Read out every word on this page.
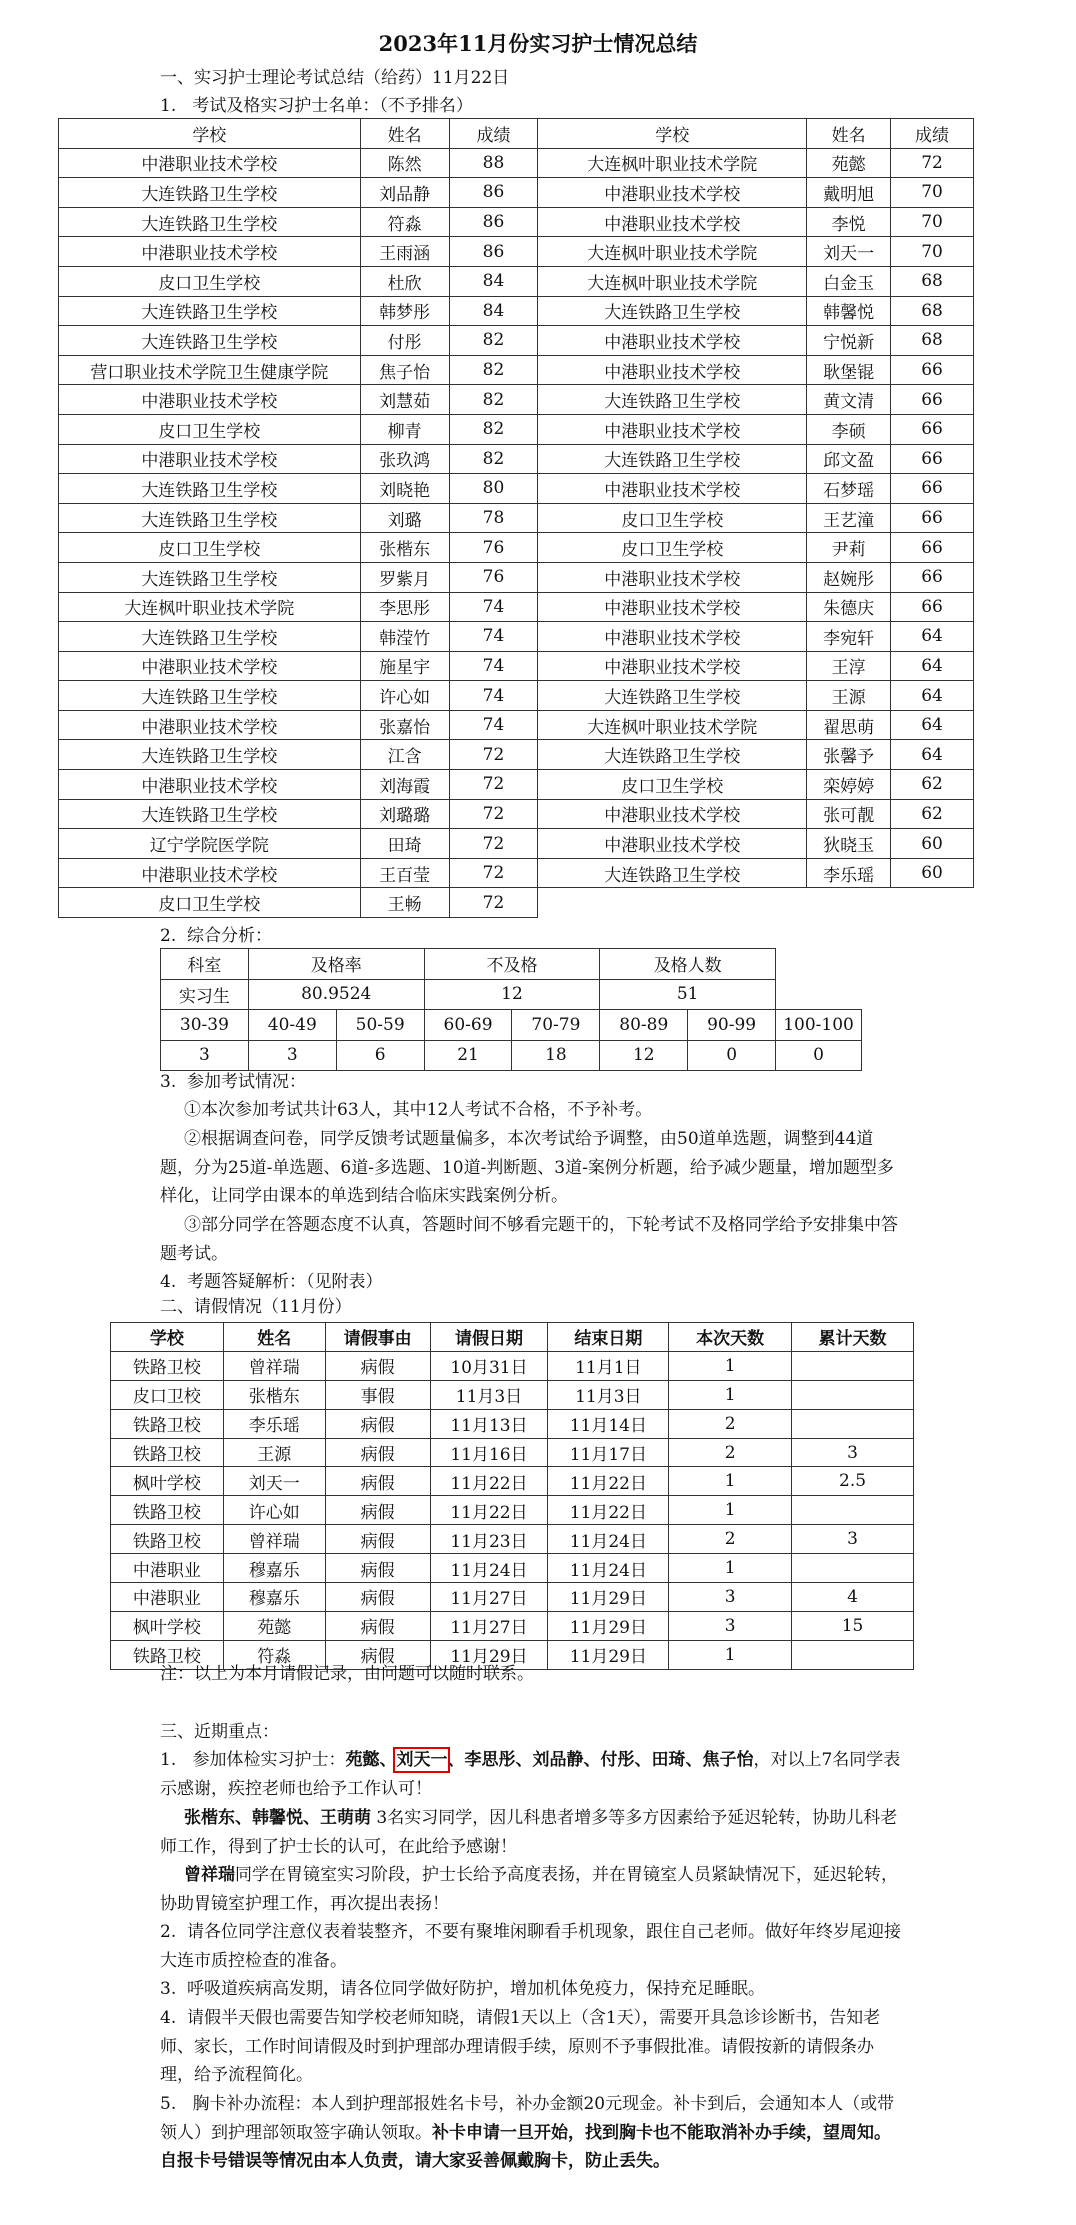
2023年11月份实习护士情况总结
一、实习护士理论考试总结（给药）11月22日
1.   考试及格实习护士名单：（不予排名）
学校	姓名	成绩	学校	姓名	成绩
中港职业技术学校	陈然	88	大连枫叶职业技术学院	苑懿	72
大连铁路卫生学校	刘品静	86	中港职业技术学校	戴明旭	70
大连铁路卫生学校	符淼	86	中港职业技术学校	李悦	70
中港职业技术学校	王雨涵	86	大连枫叶职业技术学院	刘天一	70
皮口卫生学校	杜欣	84	大连枫叶职业技术学院	白金玉	68
大连铁路卫生学校	韩梦彤	84	大连铁路卫生学校	韩馨悦	68
大连铁路卫生学校	付彤	82	中港职业技术学校	宁悦新	68
营口职业技术学院卫生健康学院	焦子怡	82	中港职业技术学校	耿堡锟	66
中港职业技术学校	刘慧茹	82	大连铁路卫生学校	黄文清	66
皮口卫生学校	柳青	82	中港职业技术学校	李硕	66
中港职业技术学校	张玖鸿	82	大连铁路卫生学校	邱文盈	66
大连铁路卫生学校	刘晓艳	80	中港职业技术学校	石梦瑶	66
大连铁路卫生学校	刘璐	78	皮口卫生学校	王艺潼	66
皮口卫生学校	张楷东	76	皮口卫生学校	尹莉	66
大连铁路卫生学校	罗紫月	76	中港职业技术学校	赵婉彤	66
大连枫叶职业技术学院	李思彤	74	中港职业技术学校	朱德庆	66
大连铁路卫生学校	韩滢竹	74	中港职业技术学校	李宛轩	64
中港职业技术学校	施星宇	74	中港职业技术学校	王淳	64
大连铁路卫生学校	许心如	74	大连铁路卫生学校	王源	64
中港职业技术学校	张嘉怡	74	大连枫叶职业技术学院	翟思萌	64
大连铁路卫生学校	江含	72	大连铁路卫生学校	张馨予	64
中港职业技术学校	刘海霞	72	皮口卫生学校	栾婷婷	62
大连铁路卫生学校	刘璐璐	72	中港职业技术学校	张可靓	62
辽宁学院医学院	田琦	72	中港职业技术学校	狄晓玉	60
中港职业技术学校	王百莹	72	大连铁路卫生学校	李乐瑶	60
皮口卫生学校	王畅	72			
2.  综合分析：
科室	及格率		不及格		及格人数		
实习生	80.9524		12		51		
30-39	40-49	50-59	60-69	70-79	80-89	90-99	100-100
3	3	6	21	18	12	0	0
3.  参加考试情况：
①本次参加考试共计63人，其中12人考试不合格，不予补考。
②根据调查问卷，同学反馈考试题量偏多，本次考试给予调整，由50道单选题，调整到44道题，分为25道-单选题、6道-多选题、10道-判断题、3道-案例分析题，给予减少题量，增加题型多样化，让同学由课本的单选到结合临床实践案例分析。
③部分同学在答题态度不认真，答题时间不够看完题干的，下轮考试不及格同学给予安排集中答题考试。
4.  考题答疑解析：（见附表）
二、请假情况（11月份）
学校	姓名	请假事由	请假日期	结束日期	本次天数	累计天数
铁路卫校	曾祥瑞	病假	10月31日	11月1日	1	
皮口卫校	张楷东	事假	11月3日	11月3日	1	
铁路卫校	李乐瑶	病假	11月13日	11月14日	2	
铁路卫校	王源	病假	11月16日	11月17日	2	3
枫叶学校	刘天一	病假	11月22日	11月22日	1	2.5
铁路卫校	许心如	病假	11月22日	11月22日	1	
铁路卫校	曾祥瑞	病假	11月23日	11月24日	2	3
中港职业	穆嘉乐	病假	11月24日	11月24日	1	
中港职业	穆嘉乐	病假	11月27日	11月29日	3	4
枫叶学校	苑懿	病假	11月27日	11月29日	3	15
铁路卫校	符淼	病假	11月29日	11月29日	1	
注：以上为本月请假记录，由问题可以随时联系。
三、近期重点：
1. 参加体检实习护士：苑懿、刘天一、李思彤、刘品静、付彤、田琦、焦子怡，对以上7名同学表示感谢，疾控老师也给予工作认可！
张楷东、韩馨悦、王萌萌 3名实习同学，因儿科患者增多等多方因素给予延迟轮转，协助儿科老师工作，得到了护士长的认可，在此给予感谢！
曾祥瑞同学在胃镜室实习阶段，护士长给予高度表扬，并在胃镜室人员紧缺情况下，延迟轮转，协助胃镜室护理工作，再次提出表扬！
2.  请各位同学注意仪表着装整齐，不要有聚堆闲聊看手机现象，跟住自己老师。做好年终岁尾迎接大连市质控检查的准备。
3.  呼吸道疾病高发期，请各位同学做好防护，增加机体免疫力，保持充足睡眠。
4.  请假半天假也需要告知学校老师知晓，请假1天以上（含1天），需要开具急诊诊断书，告知老师、家长，工作时间请假及时到护理部办理请假手续，原则不予事假批准。请假按新的请假条办理，给予流程简化。
5. 胸卡补办流程：本人到护理部报姓名卡号，补办金额20元现金。补卡到后，会通知本人（或带领人）到护理部领取签字确认领取。补卡申请一旦开始，找到胸卡也不能取消补办手续，望周知。自报卡号错误等情况由本人负责，请大家妥善佩戴胸卡，防止丢失。
